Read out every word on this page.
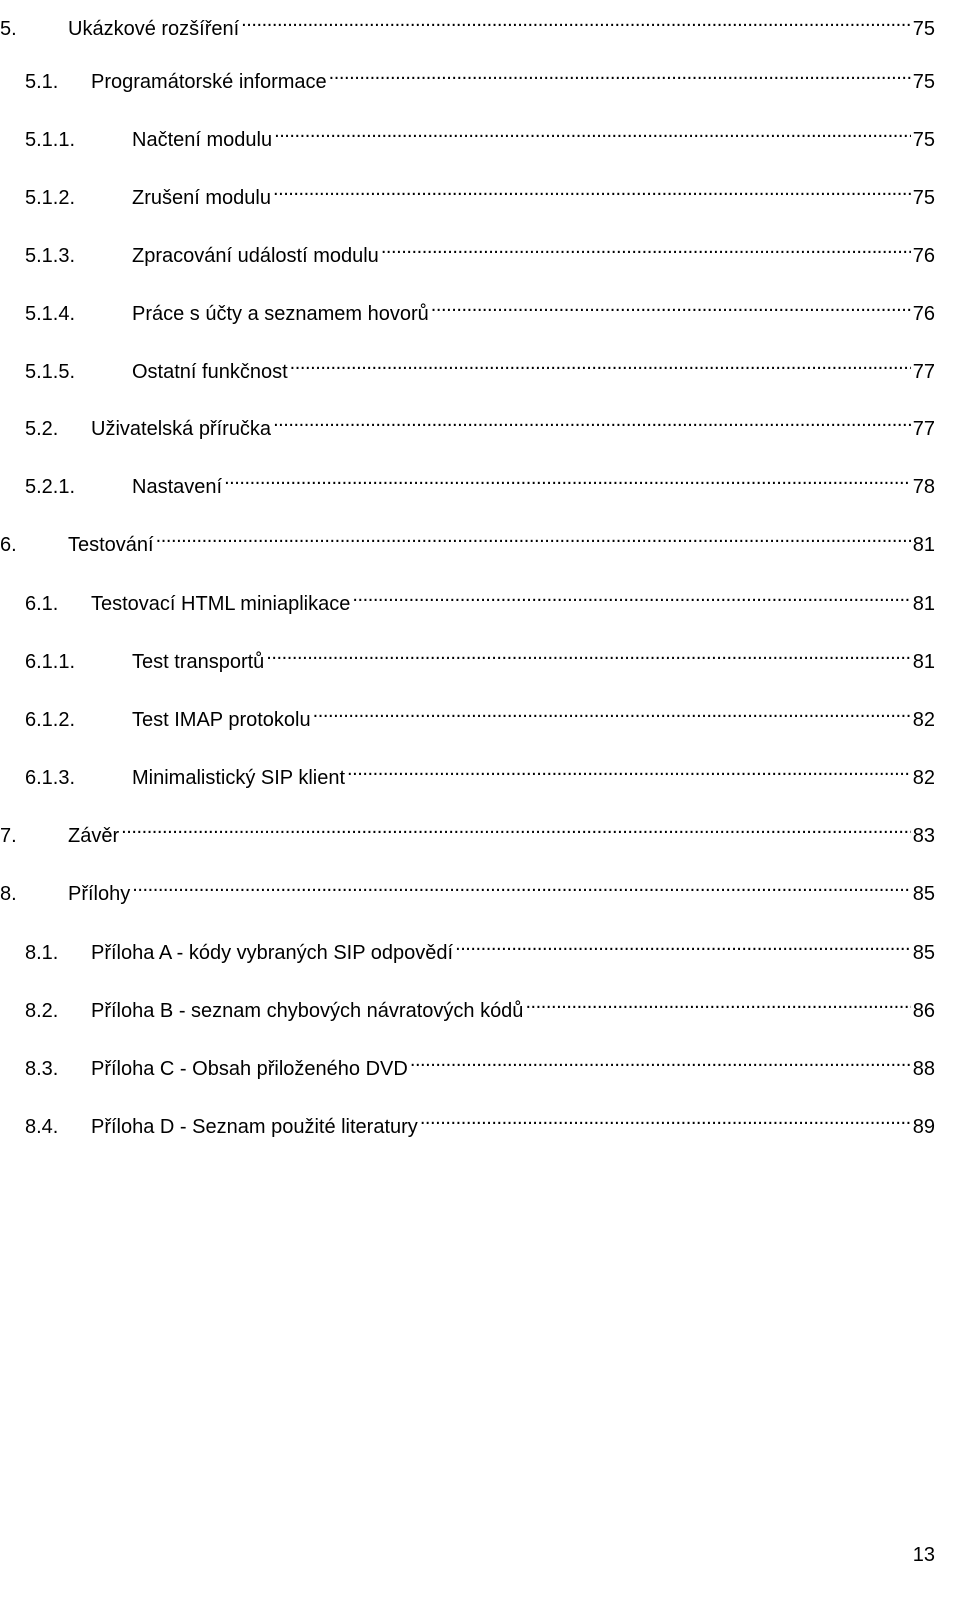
5.	Ukázkové rozšíření . . .	75
5.1.	Programátorské informace . . .	75
5.1.1.	Načtení modulu . . .	75
5.1.2.	Zrušení modulu . . .	75
5.1.3.	Zpracování událostí modulu . . .	76
5.1.4.	Práce s účty a seznamem hovorů . . .	76
5.1.5.	Ostatní funkčnost . . .	77
5.2.	Uživatelská příručka . . .	77
5.2.1.	Nastavení . . .	78
6.	Testování . . .	81
6.1.	Testovací HTML miniaplikace . . .	81
6.1.1.	Test transportů . . .	81
6.1.2.	Test IMAP protokolu . . .	82
6.1.3.	Minimalistický SIP klient . . .	82
7.	Závěr . . .	83
8.	Přílohy . . .	85
8.1.	Příloha A - kódy vybraných SIP odpovědí . . .	85
8.2.	Příloha B - seznam chybových návratových kódů . . .	86
8.3.	Příloha C - Obsah přiloženého DVD . . .	88
8.4.	Příloha D - Seznam použité literatury . . .	89
13
